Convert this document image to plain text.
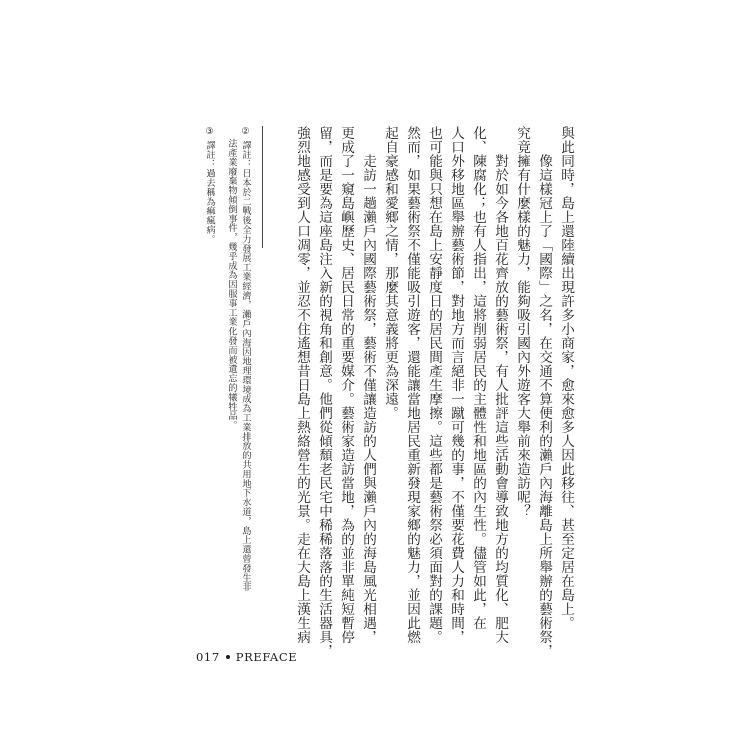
與此同時，島上還陸續出現許多小商家，愈來愈多人因此移往、甚至定居在島上。
　　像這樣冠上了「國際」之名，在交通不算便利的瀨戶內海離島上所舉辦的藝術祭，
究竟擁有什麼樣的魅力，能夠吸引國內外遊客大舉前來造訪呢？
　　對於如今各地百花齊放的藝術祭，有人批評這些活動會導致地方的均質化、肥大
化、陳腐化；也有人指出，這將削弱居民的主體性和地區的內生性。儘管如此，在
人口外移地區舉辦藝術節，對地方而言絕非一蹴可幾的事，不僅要花費人力和時間，
也可能與只想在島上安靜度日的居民間產生摩擦。這些都是藝術祭必須面對的課題。
然而，如果藝術祭不僅能吸引遊客，還能讓當地居民重新發現家鄉的魅力，並因此燃
起自豪感和愛鄉之情，那麼其意義將更為深遠。
　　走訪一趟瀨戶內國際藝術祭，藝術不僅讓造訪的人們與瀨戶內的海島風光相遇，
更成了一窺島嶼歷史、居民日常的重要媒介。藝術家造訪當地，為的並非單純短暫停
留，而是要為這座島注入新的視角和創意。他們從傾頹老民宅中稀稀落落的生活器具，
強烈地感受到人口凋零，並忍不住遙想昔日島上熱絡營生的光景。走在大島上漢生病
② 譯註：日本於二戰後全力發展工業經濟，瀨戶內海因地理環境成為工業排放的共用地下水道，島上還曾發生非
　 法產業廢棄物傾倒事件，幾乎成為因服事工業化發而被遺忘的犧牲品。
③ 譯註：過去稱為痲瘋病。
017 PREFACE
